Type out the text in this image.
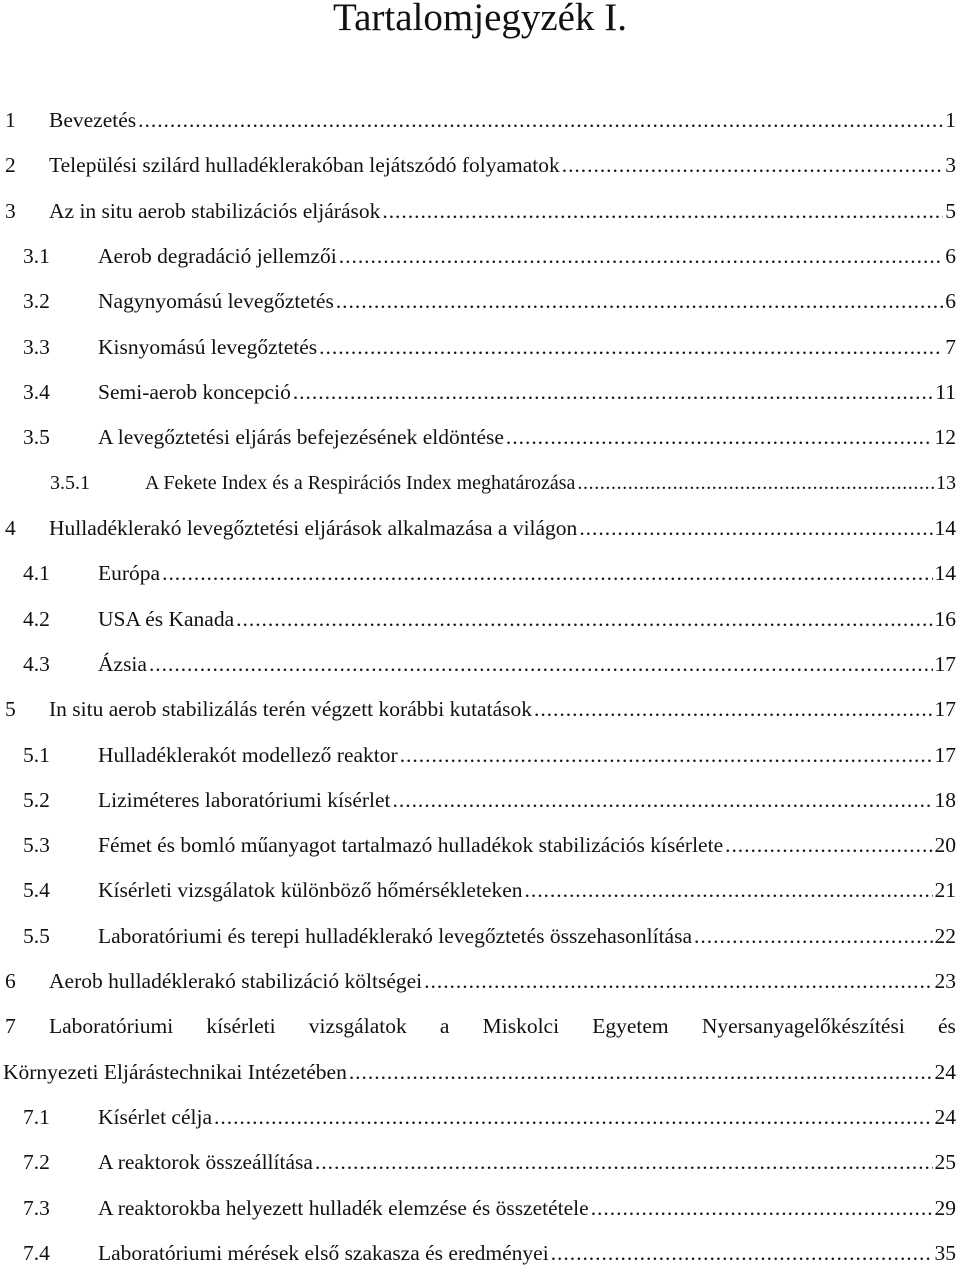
Tartalomjegyzék I.
1	Bevezetés . . .	1
2	Települési szilárd hulladéklerakóban lejátszódó folyamatok . . .	3
3	Az in situ aerob stabilizációs eljárások . . .	5
3.1	Aerob degradáció jellemzői . . .	6
3.2	Nagynyomású levegőztetés . . .	6
3.3	Kisnyomású levegőztetés . . .	7
3.4	Semi-aerob koncepció . . .	11
3.5	A levegőztetési eljárás befejezésének eldöntése . . .	12
3.5.1	A Fekete Index és a Respirációs Index meghatározása . . .	13
4	Hulladéklerakó levegőztetési eljárások alkalmazása a világon . . .	14
4.1	Európa . . .	14
4.2	USA és Kanada . . .	16
4.3	Ázsia . . .	17
5	In situ aerob stabilizálás terén végzett korábbi kutatások . . .	17
5.1	Hulladéklerakót modellező reaktor . . .	17
5.2	Liziméteres laboratóriumi kísérlet . . .	18
5.3	Fémet és bomló műanyagot tartalmazó hulladékok stabilizációs kísérlete . . .	20
5.4	Kísérleti vizsgálatok különböző hőmérsékleteken . . .	21
5.5	Laboratóriumi és terepi hulladéklerakó levegőztetés összehasonlítása . . .	22
6	Aerob hulladéklerakó stabilizáció költségei . . .	23
7	Laboratóriumi kísérleti vizsgálatok a Miskolci Egyetem Nyersanyagelőkészítési és
Környezeti Eljárástechnikai Intézetében . . .	24
7.1	Kísérlet célja . . .	24
7.2	A reaktorok összeállítása . . .	25
7.3	A reaktorokba helyezett hulladék elemzése és összetétele . . .	29
7.4	Laboratóriumi mérések első szakasza és eredményei . . .	35
